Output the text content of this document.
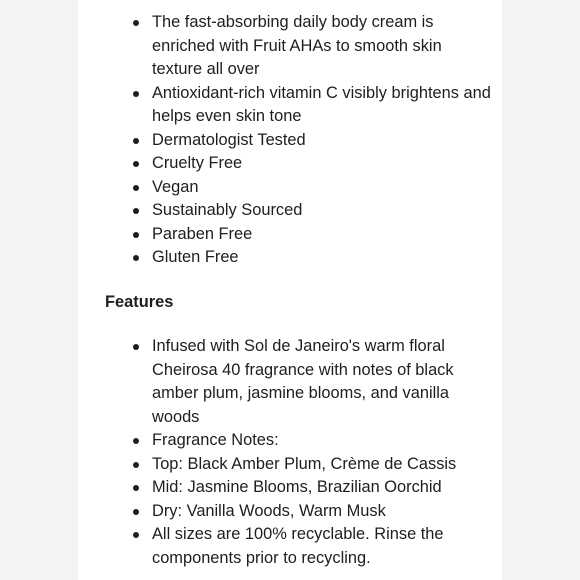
The fast-absorbing daily body cream is enriched with Fruit AHAs to smooth skin texture all over
Antioxidant-rich vitamin C visibly brightens and helps even skin tone
Dermatologist Tested
Cruelty Free
Vegan
Sustainably Sourced
Paraben Free
Gluten Free
Features
Infused with Sol de Janeiro's warm floral Cheirosa 40 fragrance with notes of black amber plum, jasmine blooms, and vanilla woods
Fragrance Notes:
Top: Black Amber Plum, Crème de Cassis
Mid: Jasmine Blooms, Brazilian Oorchid
Dry: Vanilla Woods, Warm Musk
All sizes are 100% recyclable. Rinse the components prior to recycling.
